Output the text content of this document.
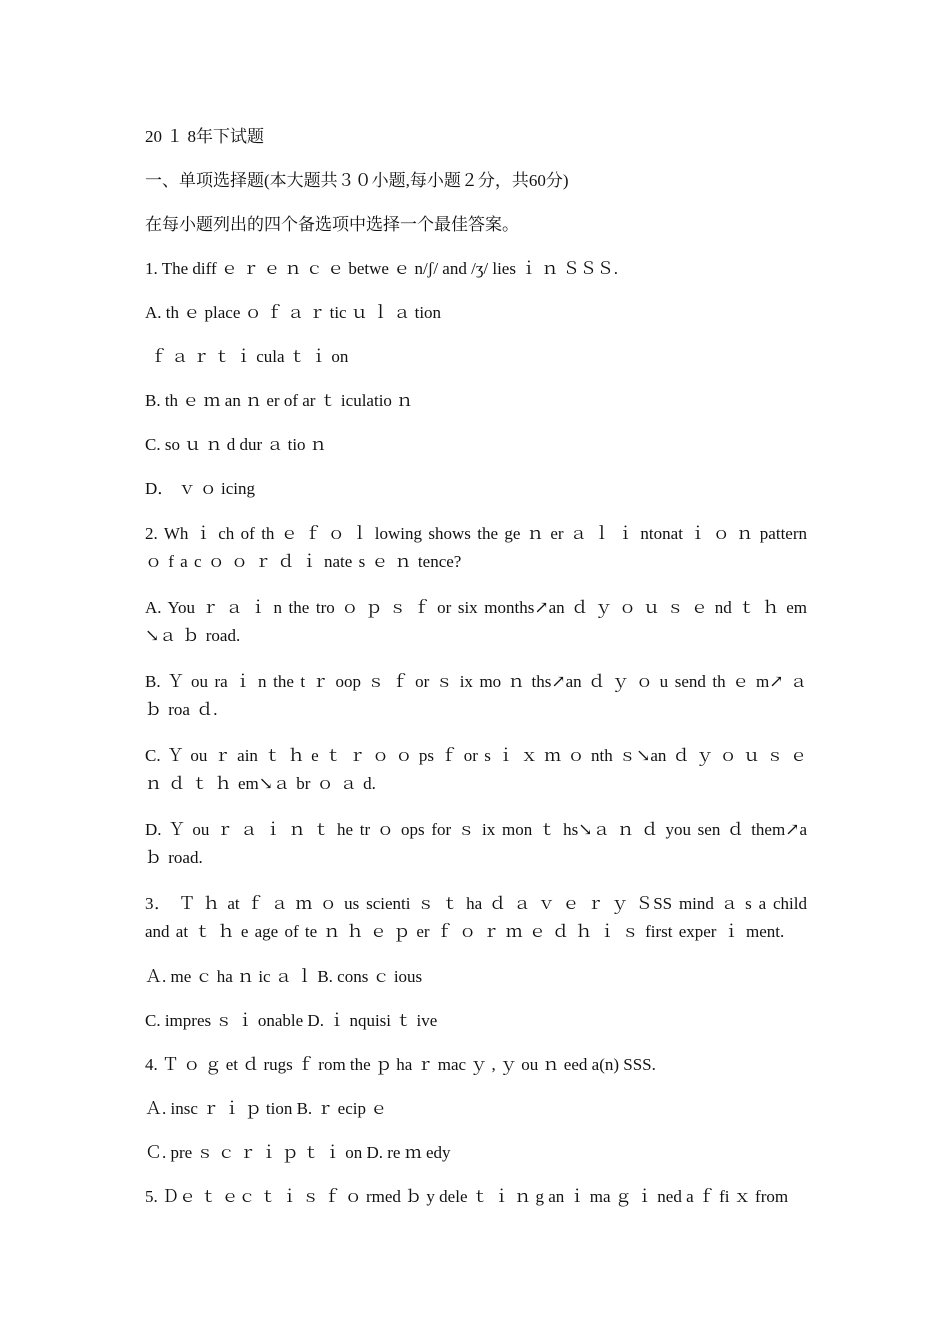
20 １ 8年下试题

一、单项选择题(本大题共３０小题,每小题２分，共60分)

在每小题列出的四个备选项中选择一个最佳答案。

1. The diff ｅ ｒ ｅ ｎ ｃ ｅ betwe ｅ n/ʃ/ and /ʒ/ lies ｉ ｎ ＳＳＳ.

A. th ｅ place ｏ ｆ ａ ｒ tic ｕ ｌ ａ tion

ｆ ａ ｒ ｔ ｉ cula ｔ ｉ on

B. th ｅ ｍ an ｎ er of ar ｔ iculatio ｎ

C. so ｕ ｎ d dur ａ tio ｎ

D． ｖ ｏ icing

2. Wh ｉ ch of th ｅ ｆ ｏ ｌ lowing shows the ge ｎ er ａ ｌ ｉ ntonat ｉ ｏ ｎ pattern ｏ f a c ｏ ｏ ｒ ｄ ｉ nate s ｅ ｎ tence?

A. You ｒ ａ ｉ n the tro ｏ ｐ ｓ ｆ or six months↗an ｄ ｙ ｏ ｕ ｓ ｅ nd ｔ ｈ em ↘ａ ｂ road.

B. Ｙ ou ra ｉ n the t ｒ oop ｓ ｆ or ｓ ix mo ｎ ths↗an ｄ ｙ ｏ u send th ｅ m↗ ａ ｂ roa ｄ.

C. Ｙ ou ｒ ain ｔ ｈ e ｔ ｒ ｏ ｏ ps ｆ or s ｉ ｘ ｍ ｏ nth ｓ↘an ｄ ｙ ｏ ｕ ｓ ｅ ｎ ｄ ｔ ｈ em↘ａ br ｏ ａ d.

D. Ｙ ou ｒ ａ ｉ ｎ ｔ he tr ｏ ops for ｓ ix mon ｔ hs↘ａ ｎ ｄ you sen ｄ them↗a ｂ road.

3． Ｔ ｈ at ｆ ａ ｍ ｏ us scienti ｓ ｔ ha ｄ ａ ｖ ｅ ｒ ｙ ＳSS mind ａ s a child and at ｔ ｈ e age of te ｎ ｈ ｅ ｐ er ｆ ｏ ｒ ｍ ｅ ｄ ｈ ｉ ｓ first exper ｉ ment.

Ａ. me ｃ ha ｎ ic ａ ｌ B. cons ｃ ious

C. impres ｓ ｉ onable D. ｉ nquisi ｔ ive

4. Ｔ ｏ ｇ et ｄ rugs ｆ rom the ｐ ha ｒ mac ｙ , ｙ ou ｎ eed a(n) SSS.

Ａ. insc ｒ ｉ ｐ tion B. ｒ ecip ｅ

Ｃ. pre ｓ ｃ ｒ ｉ ｐ ｔ ｉ on D. re ｍ edy

5. Ｄｅ ｔ ｅｃ ｔ ｉ ｓ ｆ ｏ rmed ｂ y dele ｔ ｉ ｎ g an ｉ ma ｇ ｉ ned a ｆ fi ｘ from
